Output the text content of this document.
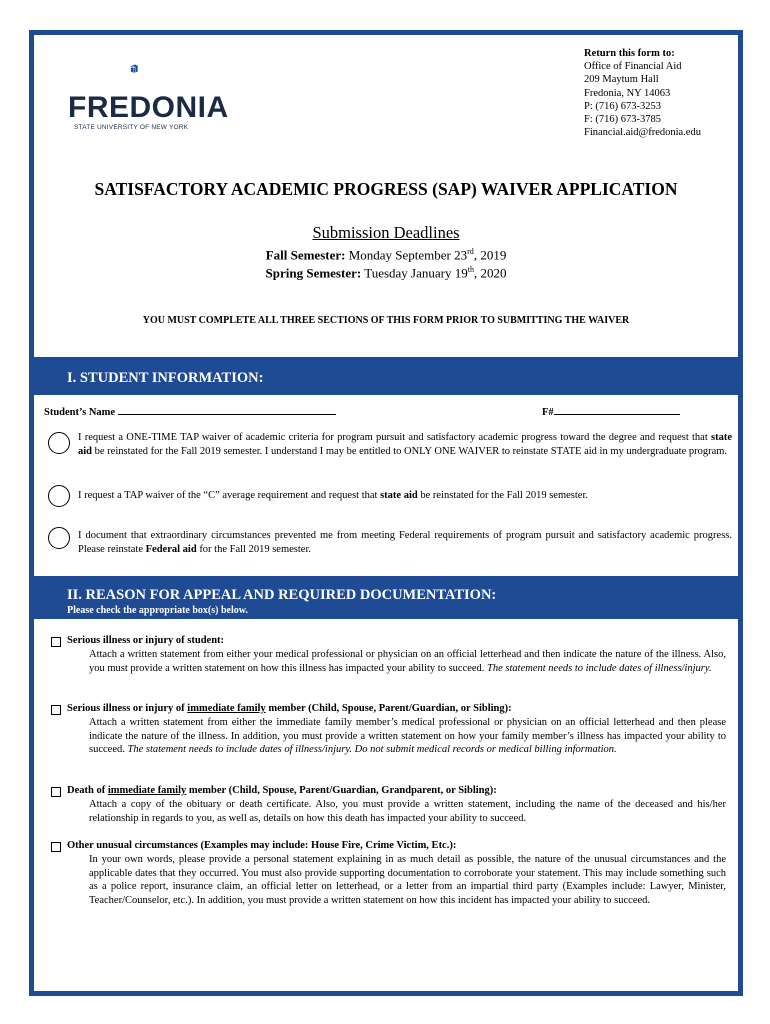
FREDONIA
STATE UNIVERSITY OF NEW YORK
Return this form to:
Office of Financial Aid
209 Maytum Hall
Fredonia, NY 14063
P: (716) 673-3253
F: (716) 673-3785
Financial.aid@fredonia.edu
SATISFACTORY ACADEMIC PROGRESS (SAP) WAIVER APPLICATION
Submission Deadlines
Fall Semester: Monday September 23rd, 2019
Spring Semester: Tuesday January 19th, 2020
YOU MUST COMPLETE ALL THREE SECTIONS OF THIS FORM PRIOR TO SUBMITTING THE WAIVER
I. STUDENT INFORMATION:
Student’s Name	F#

I request a ONE-TIME TAP waiver of academic criteria for program pursuit and satisfactory academic progress toward the degree and request that state aid be reinstated for the Fall 2019 semester. I understand I may be entitled to ONLY ONE WAIVER to reinstate STATE aid in my undergraduate program.

I request a TAP waiver of the “C” average requirement and request that state aid be reinstated for the Fall 2019 semester.

I document that extraordinary circumstances prevented me from meeting Federal requirements of program pursuit and satisfactory academic progress. Please reinstate Federal aid for the Fall 2019 semester.

II. REASON FOR APPEAL AND REQUIRED DOCUMENTATION:
Please check the appropriate box(s) below.
Serious illness or injury of student:

Attach a written statement from either your medical professional or physician on an official letterhead and then indicate the nature of the illness. Also, you must provide a written statement on how this illness has impacted your ability to succeed. The statement needs to include dates of illness/injury.

Serious illness or injury of immediate family member (Child, Spouse, Parent/Guardian, or Sibling):

Attach a written statement from either the immediate family member’s medical professional or physician on an official letterhead and then please indicate the nature of the illness. In addition, you must provide a written statement on how your family member’s illness has impacted your ability to succeed. The statement needs to include dates of illness/injury. Do not submit medical records or medical billing information.

Death of immediate family member (Child, Spouse, Parent/Guardian, Grandparent, or Sibling):

Attach a copy of the obituary or death certificate. Also, you must provide a written statement, including the name of the deceased and his/her relationship in regards to you, as well as, details on how this death has impacted your ability to succeed.

Other unusual circumstances (Examples may include: House Fire, Crime Victim, Etc.):

In your own words, please provide a personal statement explaining in as much detail as possible, the nature of the unusual circumstances and the applicable dates that they occurred. You must also provide supporting documentation to corroborate your statement. This may include something such as a police report, insurance claim, an official letter on letterhead, or a letter from an impartial third party (Examples include: Lawyer, Minister, Teacher/Counselor, etc.). In addition, you must provide a written statement on how this incident has impacted your ability to succeed.
